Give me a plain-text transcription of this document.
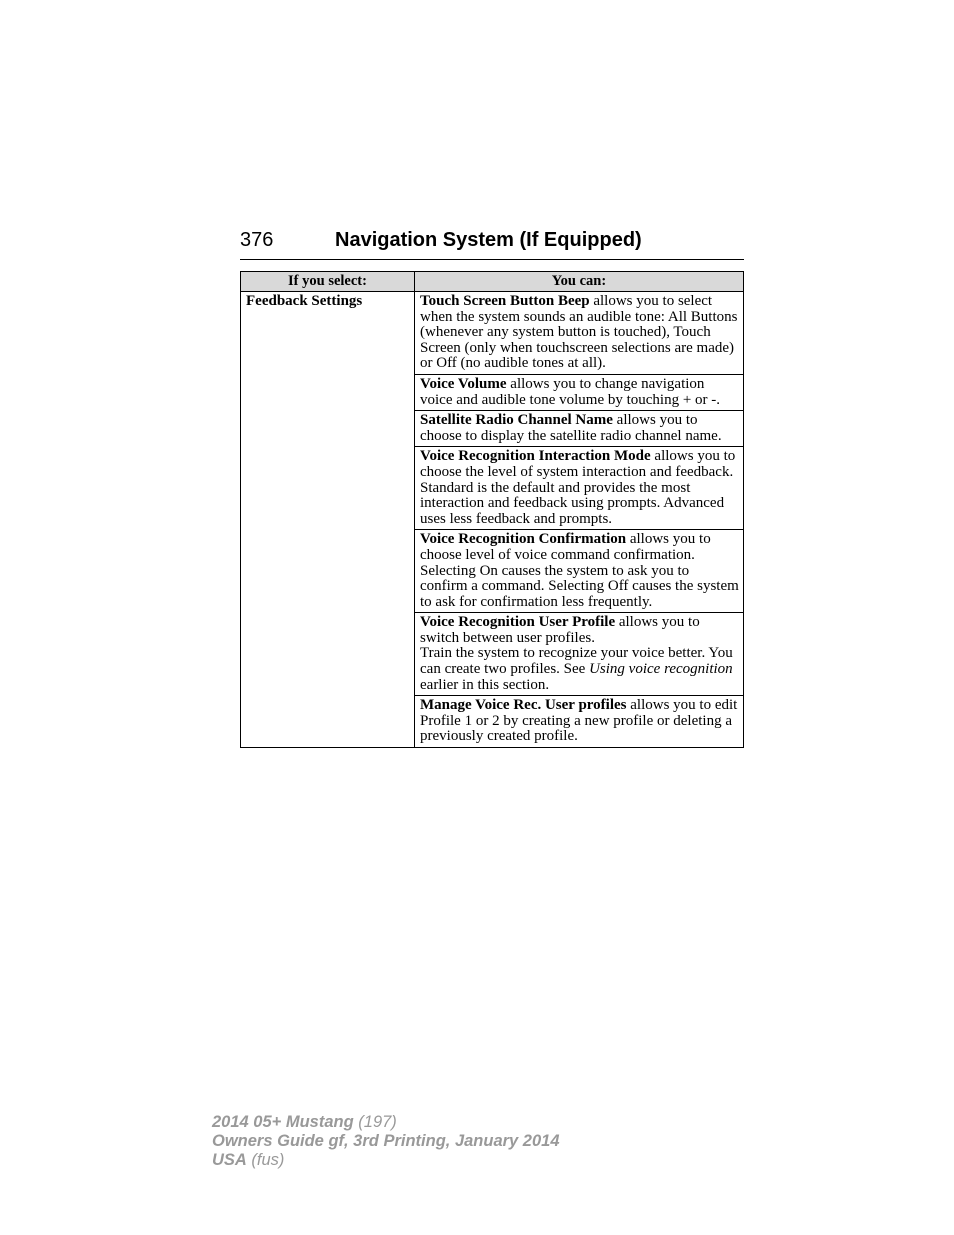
376	Navigation System (If Equipped)
If you select:	You can:
Feedback Settings	Touch Screen Button Beep allows you to select when the system sounds an audible tone: All Buttons (whenever any system button is touched), Touch Screen (only when touchscreen selections are made) or Off (no audible tones at all).
	Voice Volume allows you to change navigation voice and audible tone volume by touching + or -.
	Satellite Radio Channel Name allows you to choose to display the satellite radio channel name.
	Voice Recognition Interaction Mode allows you to choose the level of system interaction and feedback. Standard is the default and provides the most interaction and feedback using prompts. Advanced uses less feedback and prompts.
	Voice Recognition Confirmation allows you to choose level of voice command confirmation. Selecting On causes the system to ask you to confirm a command. Selecting Off causes the system to ask for confirmation less frequently.
	Voice Recognition User Profile allows you to switch between user profiles.
Train the system to recognize your voice better. You can create two profiles. See Using voice recognition earlier in this section.
	Manage Voice Rec. User profiles allows you to edit Profile 1 or 2 by creating a new profile or deleting a previously created profile.
2014 05+ Mustang (197)
Owners Guide gf, 3rd Printing, January 2014
USA (fus)
